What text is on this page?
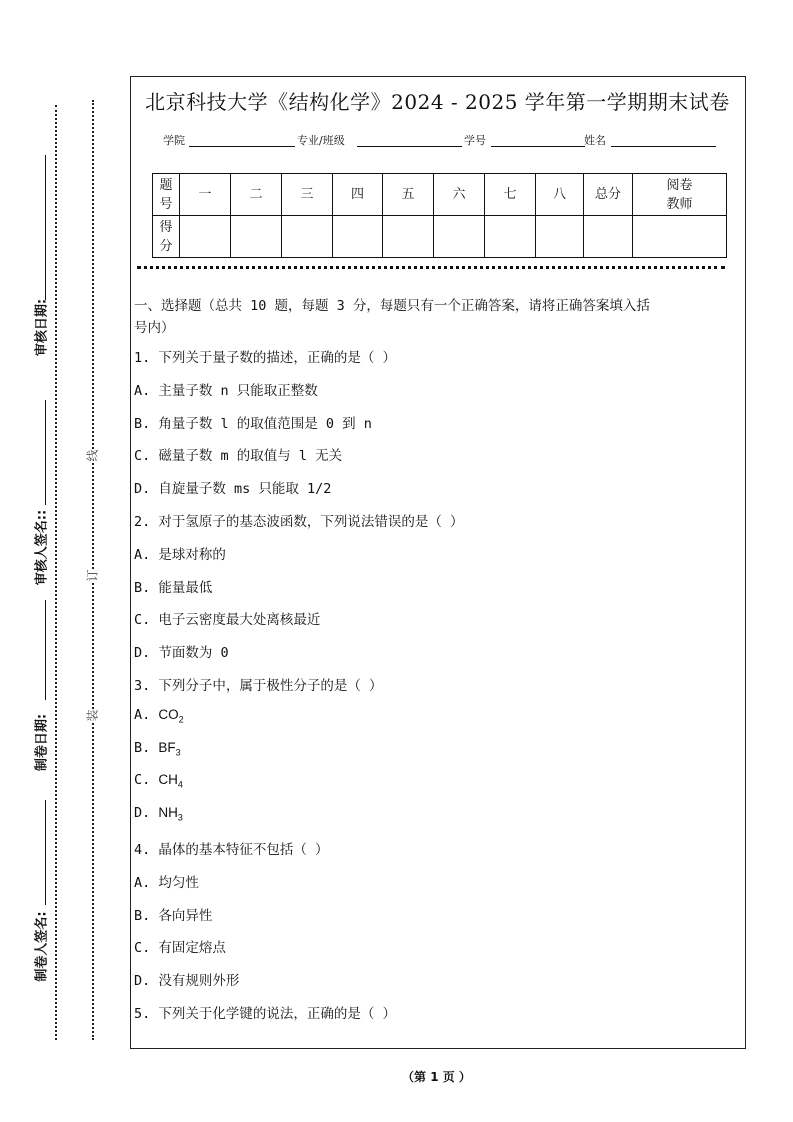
审核日期:
审核人签名::
制卷日期:
制卷人签名:
线
订
装
北京科技大学《结构化学》2024 - 2025 学年第一学期期末试卷
学院	专业/班级	学号	姓名
题号	一	二	三	四	五	六	七	八	总分	阅卷教师
得分										
一、选择题（总共 10 题，每题 3 分，每题只有一个正确答案，请将正确答案填入括
号内）
1. 下列关于量子数的描述，正确的是（ ）
A. 主量子数 n 只能取正整数
B. 角量子数 l 的取值范围是 0 到 n
C. 磁量子数 m 的取值与 l 无关
D. 自旋量子数 ms 只能取 1/2
2. 对于氢原子的基态波函数，下列说法错误的是（ ）
A. 是球对称的
B. 能量最低
C. 电子云密度最大处离核最近
D. 节面数为 0
3. 下列分子中，属于极性分子的是（ ）
A. $CO_2$
B. $BF_3$
C. $CH_4$
D. $NH_3$
4. 晶体的基本特征不包括（ ）
A. 均匀性
B. 各向异性
C. 有固定熔点
D. 没有规则外形
5. 下列关于化学键的说法，正确的是（ ）
（第 1 页 ）
